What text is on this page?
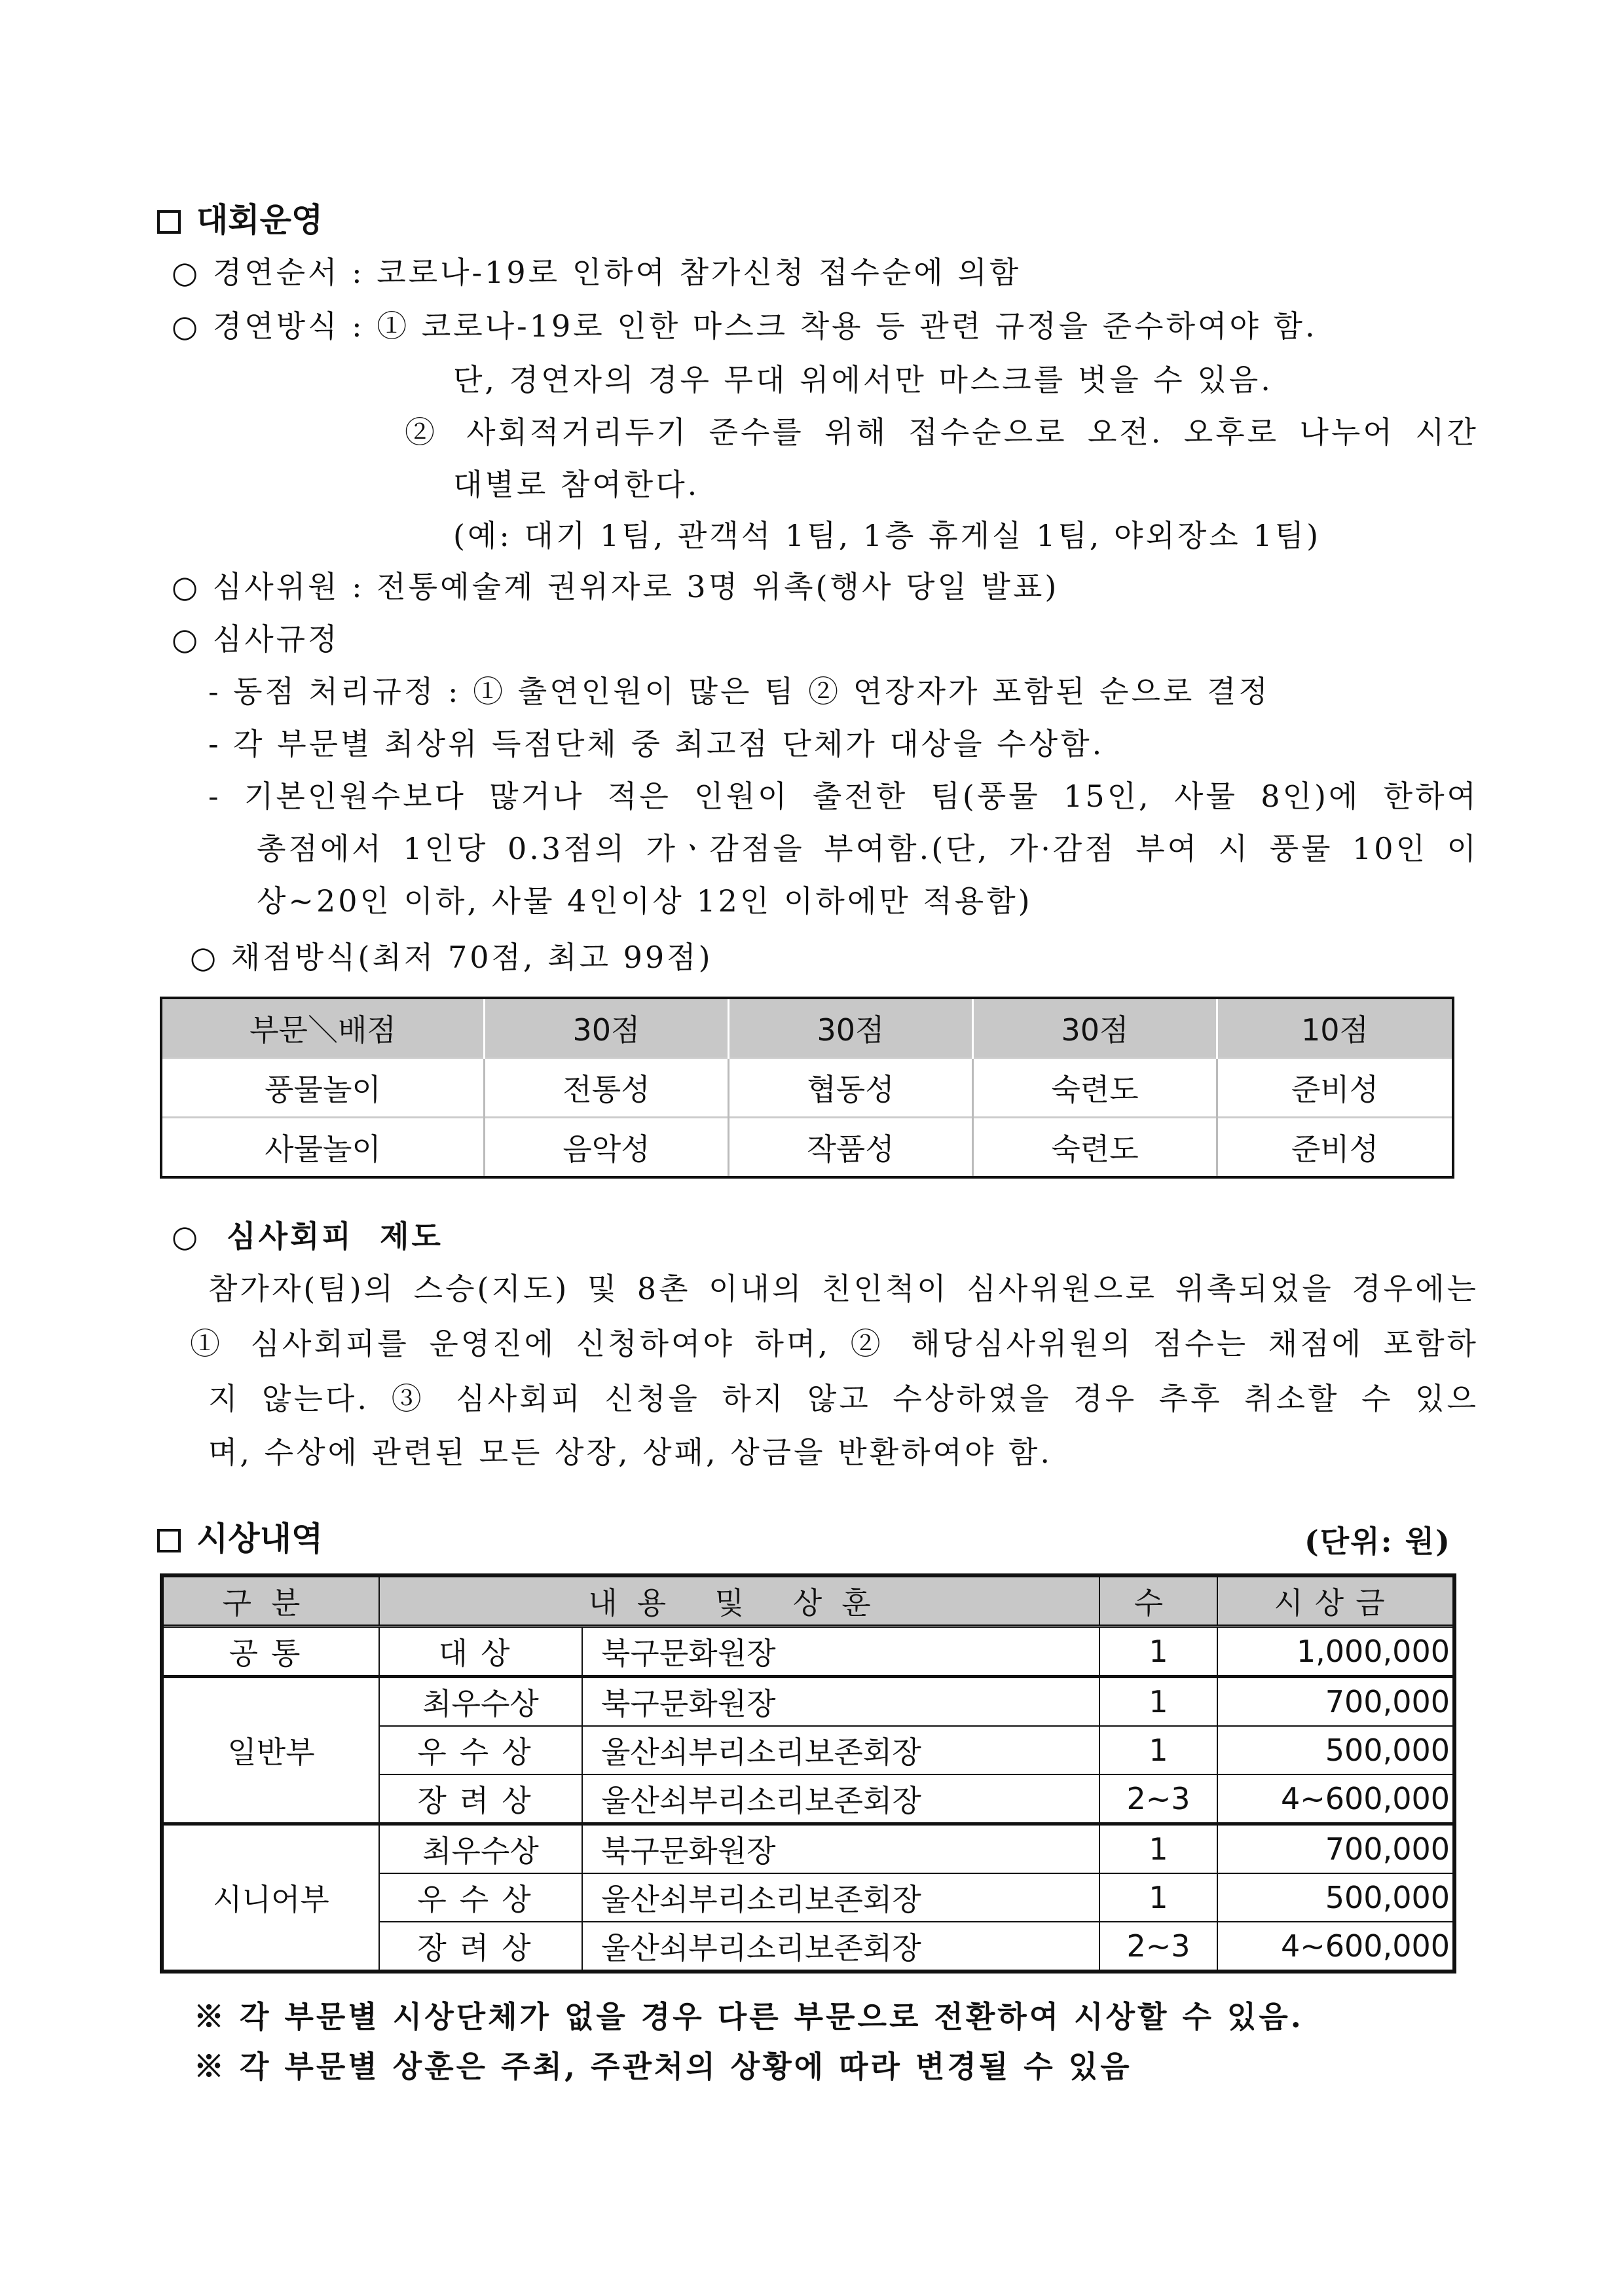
대회운영
○ 경연순서 : 코로나-19로 인하여 참가신청 접수순에 의함
○ 경연방식 : ① 코로나-19로 인한 마스크 착용 등 관련 규정을 준수하여야 함.
단, 경연자의 경우 무대 위에서만 마스크를 벗을 수 있음.
② 사회적거리두기 준수를 위해 접수순으로 오전. 오후로 나누어 시간
대별로 참여한다.
(예: 대기 1팀, 관객석 1팀, 1층 휴게실 1팀, 야외장소 1팀)
○ 심사위원 : 전통예술계 권위자로 3명 위촉(행사 당일 발표)
○ 심사규정
- 동점 처리규정 : ① 출연인원이 많은 팀 ② 연장자가 포함된 순으로 결정
- 각 부문별 최상위 득점단체 중 최고점 단체가 대상을 수상함.
- 기본인원수보다 많거나 적은 인원이 출전한 팀(풍물 15인, 사물 8인)에 한하여
총점에서 1인당 0.3점의 가ㆍ감점을 부여함.(단, 가·감점 부여 시 풍물 10인 이
상~20인 이하, 사물 4인이상 12인 이하에만 적용함)
○ 채점방식(최저 70점, 최고 99점)
부문＼배점	30점	30점	30점	10점
풍물놀이	전통성	협동성	숙련도	준비성
사물놀이	음악성	작품성	숙련도	준비성
○  심사회피  제도
참가자(팀)의 스승(지도) 및 8촌 이내의 친인척이 심사위원으로 위촉되었을 경우에는
① 심사회피를 운영진에 신청하여야 하며, ② 해당심사위원의 점수는 채점에 포함하
지 않는다. ③ 심사회피 신청을 하지 않고 수상하였을 경우 추후 취소할 수 있으
며, 수상에 관련된 모든 상장, 상패, 상금을 반환하여야 함.
시상내역	(단위: 원)
구분	내용 및 상훈		수	시상금
공통	대상	북구문화원장	1	1,000,000
일반부	최우수상	북구문화원장	1	700,000
	우수상	울산쇠부리소리보존회장	1	500,000
	장려상	울산쇠부리소리보존회장	2~3	4~600,000
시니어부	최우수상	북구문화원장	1	700,000
	우수상	울산쇠부리소리보존회장	1	500,000
	장려상	울산쇠부리소리보존회장	2~3	4~600,000
※ 각 부문별 시상단체가 없을 경우 다른 부문으로 전환하여 시상할 수 있음.
※ 각 부문별 상훈은 주최, 주관처의 상황에 따라 변경될 수 있음
